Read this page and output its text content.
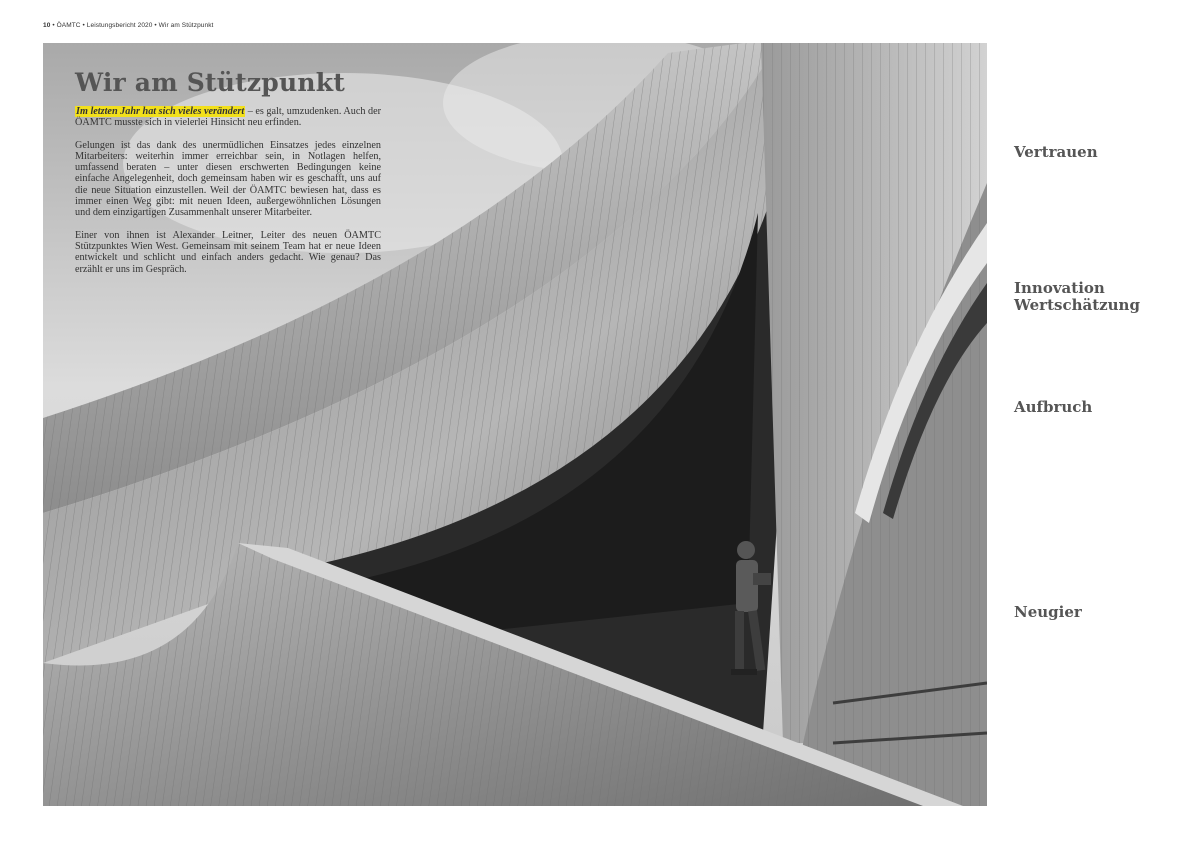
10 • ÖAMTC • Leistungsbericht 2020 • Wir am Stützpunkt
Wir am Stützpunkt

Im letzten Jahr hat sich vieles verändert – es galt, umzudenken. Auch der ÖAMTC musste sich in vielerlei Hinsicht neu erfinden.

Gelungen ist das dank des unermüdlichen Einsatzes jedes einzelnen Mitarbeiters: weiterhin immer erreichbar sein, in Notlagen helfen, umfassend beraten – unter diesen erschwerten Bedingungen keine einfache Angelegenheit, doch gemeinsam haben wir es geschafft, uns auf die neue Situation einzustellen. Weil der ÖAMTC bewiesen hat, dass es immer einen Weg gibt: mit neuen Ideen, außergewöhnlichen Lösungen und dem einzigartigen Zusammenhalt unserer Mitarbeiter.

Einer von ihnen ist Alexander Leitner, Leiter des neuen ÖAMTC Stützpunktes Wien West. Gemeinsam mit seinem Team hat er neue Ideen entwickelt und schlicht und einfach anders gedacht. Wie genau? Das erzählt er uns im Gespräch.

Vertrauen
Innovation
Wertschätzung
Aufbruch
Neugier
